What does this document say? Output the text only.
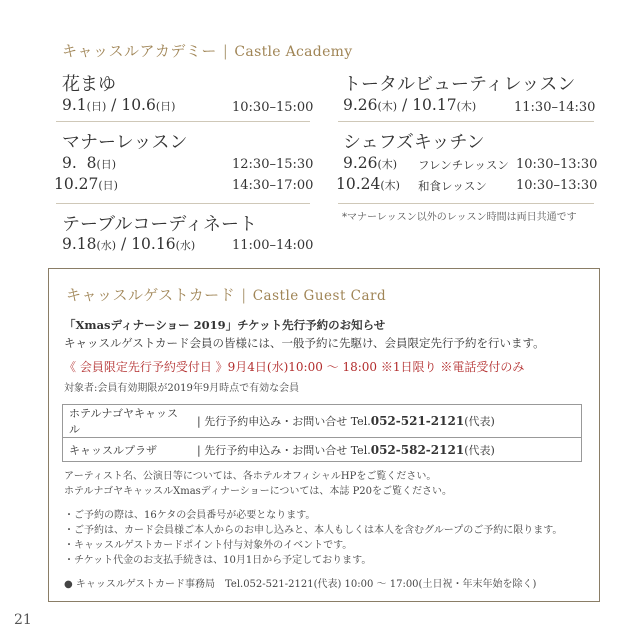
キャッスルアカデミー | Castle Academy
花まゆ
9.1(日) / 10.6(日)	10:30–15:00
マナーレッスン
9.  8(日)	12:30–15:30
10.27(日)	14:30–17:00
テーブルコーディネート
9.18(水) / 10.16(水)	11:00–14:00
トータルビューティレッスン
9.26(木) / 10.17(木)	11:30–14:30
シェフズキッチン
9.26(木) フレンチレッスン 10:30–13:30
10.24(木) 和食レッスン 10:30–13:30
*マナーレッスン以外のレッスン時間は両日共通です
キャッスルゲストカード | Castle Guest Card
「Xmasディナーショー 2019」チケット先行予約のお知らせ
キャッスルゲストカード会員の皆様には、一般予約に先駆け、会員限定先行予約を行います。
《 会員限定先行予約受付日 》9月4日(水)10:00 〜 18:00 ※1日限り ※電話受付のみ
対象者:会員有効期限が2019年9月時点で有効な会員
ホテルナゴヤキャッスル	| 先行予約申込み・お問い合せ Tel.052-521-2121(代表)
キャッスルプラザ	| 先行予約申込み・お問い合せ Tel.052-582-2121(代表)
アーティスト名、公演日等については、各ホテルオフィシャルHPをご覧ください。
ホテルナゴヤキャッスルXmasディナーショーについては、本誌 P20をご覧ください。
・ご予約の際は、16ケタの会員番号が必要となります。
・ご予約は、カード会員様ご本人からのお申し込みと、本人もしくは本人を含むグループのご予約に限ります。
・キャッスルゲストカードポイント付与対象外のイベントです。
・チケット代金のお支払手続きは、10月1日から予定しております。
● キャッスルゲストカード事務局　Tel.052-521-2121(代表) 10:00 〜 17:00(土日祝・年末年始を除く)
21
